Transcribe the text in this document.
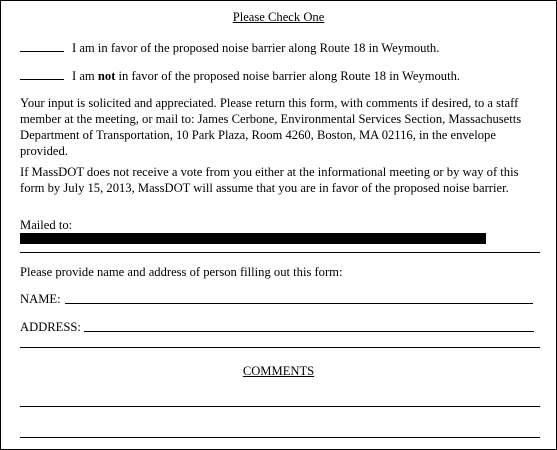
Please Check One
I am in favor of the proposed noise barrier along Route 18 in Weymouth.
I am not in favor of the proposed noise barrier along Route 18 in Weymouth.
Your input is solicited and appreciated. Please return this form, with comments if desired, to a staff member at the meeting, or mail to: James Cerbone, Environmental Services Section, Massachusetts Department of Transportation, 10 Park Plaza, Room 4260, Boston, MA 02116, in the envelope provided.
If MassDOT does not receive a vote from you either at the informational meeting or by way of this form by July 15, 2013, MassDOT will assume that you are in favor of the proposed noise barrier.
Mailed to:
Please provide name and address of person filling out this form:
NAME:
ADDRESS:
COMMENTS
